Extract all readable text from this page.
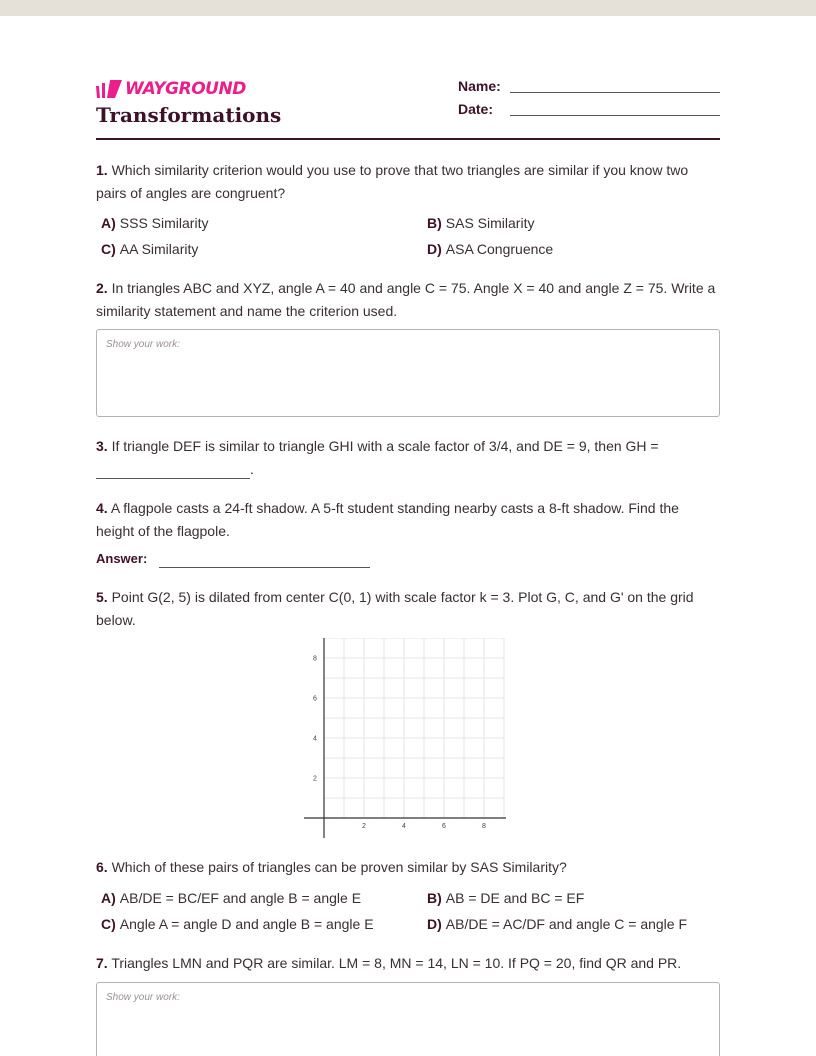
WAYGROUND
Transformations
Name:
Date:
1. Which similarity criterion would you use to prove that two triangles are similar if you know two pairs of angles are congruent?
A) SSS Similarity	B) SAS Similarity
C) AA Similarity	D) ASA Congruence
2. In triangles ABC and XYZ, angle A = 40 and angle C = 75. Angle X = 40 and angle Z = 75. Write a similarity statement and name the criterion used.
Show your work:
3. If triangle DEF is similar to triangle GHI with a scale factor of 3/4, and DE = 9, then GH =
.
4. A flagpole casts a 24-ft shadow. A 5-ft student standing nearby casts a 8-ft shadow. Find the height of the flagpole.
Answer:
5. Point G(2, 5) is dilated from center C(0, 1) with scale factor k = 3. Plot G, C, and G' on the grid below.
2	4	6	8
2
4
6
8
6. Which of these pairs of triangles can be proven similar by SAS Similarity?
A) AB/DE = BC/EF and angle B = angle E	B) AB = DE and BC = EF
C) Angle A = angle D and angle B = angle E	D) AB/DE = AC/DF and angle C = angle F
7. Triangles LMN and PQR are similar. LM = 8, MN = 14, LN = 10. If PQ = 20, find QR and PR.
Show your work:
